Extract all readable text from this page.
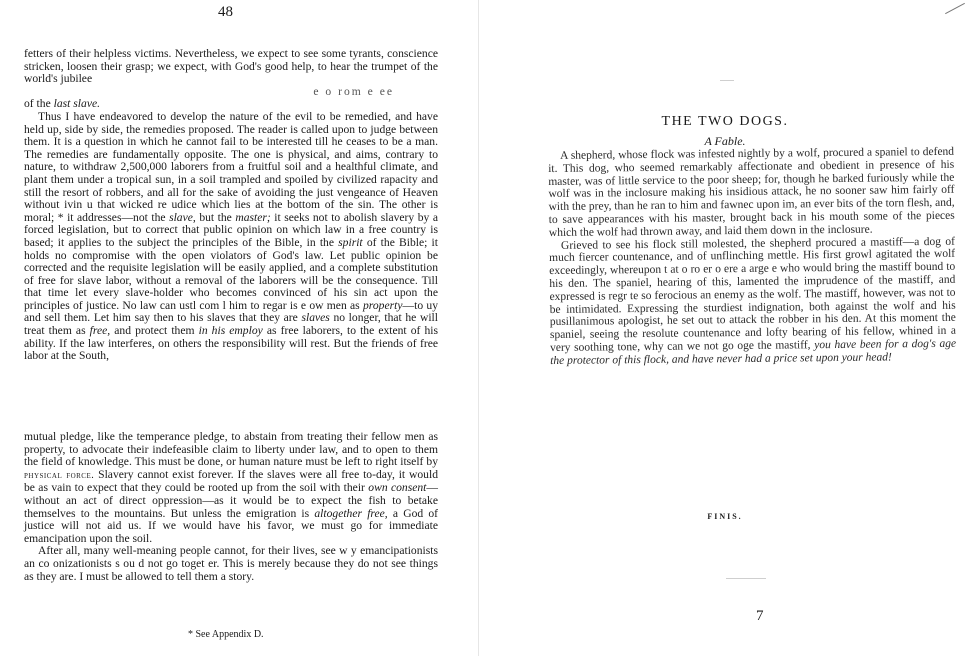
48

fetters of their helpless victims. Nevertheless, we expect to see some tyrants, conscience stricken, loosen their grasp; we expect, with God's good help, to hear the trumpet of the world's jubilee

e o rom e ee

of the last slave.

Thus I have endeavored to develop the nature of the evil to be remedied, and have held up, side by side, the remedies proposed. The reader is called upon to judge between them. It is a question in which he cannot fail to be interested till he ceases to be a man. The remedies are fundamentally opposite. The one is physical, and aims, contrary to nature, to withdraw 2,500,000 laborers from a fruitful soil and a healthful climate, and plant them under a tropical sun, in a soil trampled and spoiled by civilized rapacity and still the resort of robbers, and all for the sake of avoiding the just vengeance of Heaven without ivin u that wicked re udice which lies at the bottom of the sin. The other is moral; * it addresses—not the slave, but the master; it seeks not to abolish slavery by a forced legislation, but to correct that public opinion on which law in a free country is based; it applies to the subject the principles of the Bible, in the spirit of the Bible; it holds no compromise with the open violators of God's law. Let public opinion be corrected and the requisite legislation will be easily applied, and a complete substitution of free for slave labor, without a removal of the laborers will be the consequence. Till that time let every slave-holder who becomes convinced of his sin act upon the principles of justice. No law can ustl com l him to regar is e ow men as property—to uy and sell them. Let him say then to his slaves that they are slaves no longer, that he will treat them as free, and protect them in his employ as free laborers, to the extent of his ability. If the law interferes, on others the responsibility will rest. But the friends of free labor at the South,

mutual pledge, like the temperance pledge, to abstain from treating their fellow men as property, to advocate their indefeasible claim to liberty under law, and to open to them the field of knowledge. This must be done, or human nature must be left to right itself by physical force. Slavery cannot exist forever. If the slaves were all free to-day, it would be as vain to expect that they could be rooted up from the soil with their own consent—without an act of direct oppression—as it would be to expect the fish to betake themselves to the mountains. But unless the emigration is altogether free, a God of justice will not aid us. If we would have his favor, we must go for immediate emancipation upon the soil.

After all, many well-meaning people cannot, for their lives, see w y emancipationists an co onizationists s ou d not go toget er. This is merely because they do not see things as they are. I must be allowed to tell them a story.

* See Appendix D.
THE TWO DOGS.
A Fable.

A shepherd, whose flock was infested nightly by a wolf, procured a spaniel to defend it. This dog, who seemed remarkably affectionate and obedient in presence of his master, was of little service to the poor sheep; for, though he barked furiously while the wolf was in the inclosure making his insidious attack, he no sooner saw him fairly off with the prey, than he ran to him and fawnec upon im, an ever bits of the torn flesh, and, to save appearances with his master, brought back in his mouth some of the pieces which the wolf had thrown away, and laid them down in the inclosure.

Grieved to see his flock still molested, the shepherd procured a mastiff—a dog of much fiercer countenance, and of unflinching mettle. His first growl agitated the wolf exceedingly, whereupon t at o ro er o ere a arge e who would bring the mastiff bound to his den. The spaniel, hearing of this, lamented the imprudence of the mastiff, and expressed is regr te so ferocious an enemy as the wolf. The mastiff, however, was not to be intimidated. Expressing the sturdiest indignation, both against the wolf and his pusillanimous apologist, he set out to attack the robber in his den. At this moment the spaniel, seeing the resolute countenance and lofty bearing of his fellow, whined in a very soothing tone, why can we not go oge the mastiff, you have been for a dog's age the protector of this flock, and have never had a price set upon your head!

FINIS.
7
